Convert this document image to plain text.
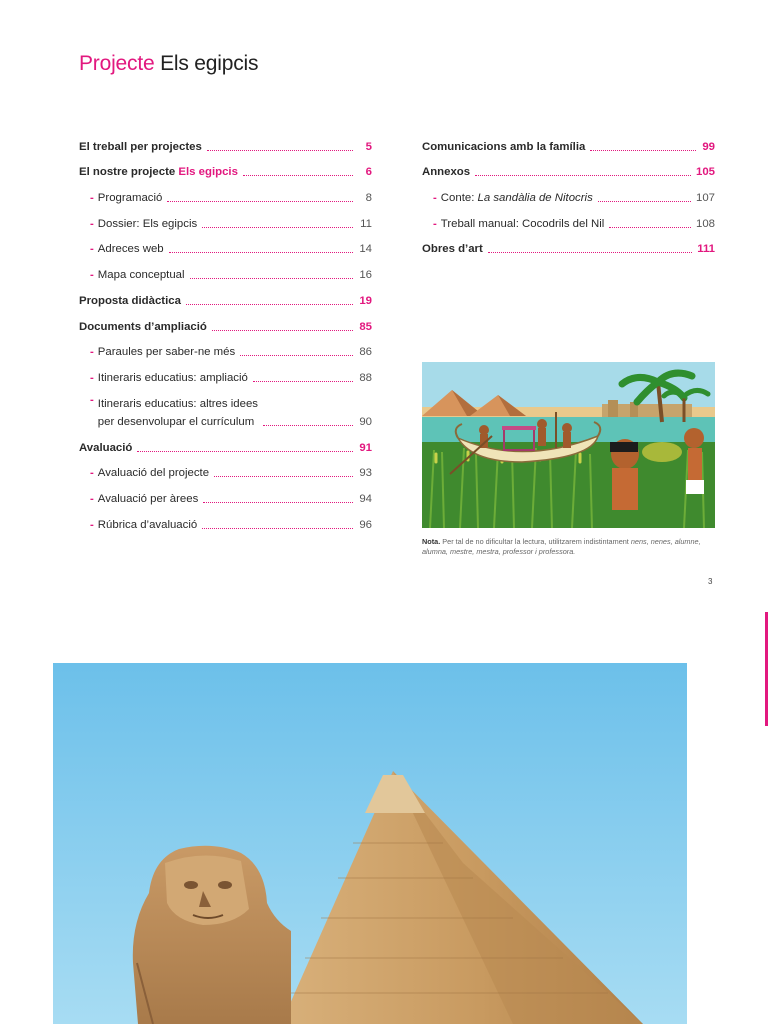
Projecte Els egipcis
El treball per projectes	5
El nostre projecte Els egipcis	6
- Programació	8
- Dossier: Els egipcis	11
- Adreces web	14
- Mapa conceptual	16
Proposta didàctica	19
Documents d’ampliació	85
- Paraules per saber-ne més	86
- Itineraris educatius: ampliació	88
- Itineraris educatius: altres idees
per desenvolupar el currículum	90
Avaluació	91
- Avaluació del projecte	93
- Avaluació per àrees	94
- Rúbrica d’avaluació	96
Comunicacions amb la família	99
Annexos	105
- Conte: La sandàlia de Nitocris	107
- Treball manual: Cocodrils del Nil	108
Obres d’art	111

Nota. Per tal de no dificultar la lectura, utilitzarem indistintament nens, nenes, alumne, alumna, mestre, mestra, professor i professora.

3
